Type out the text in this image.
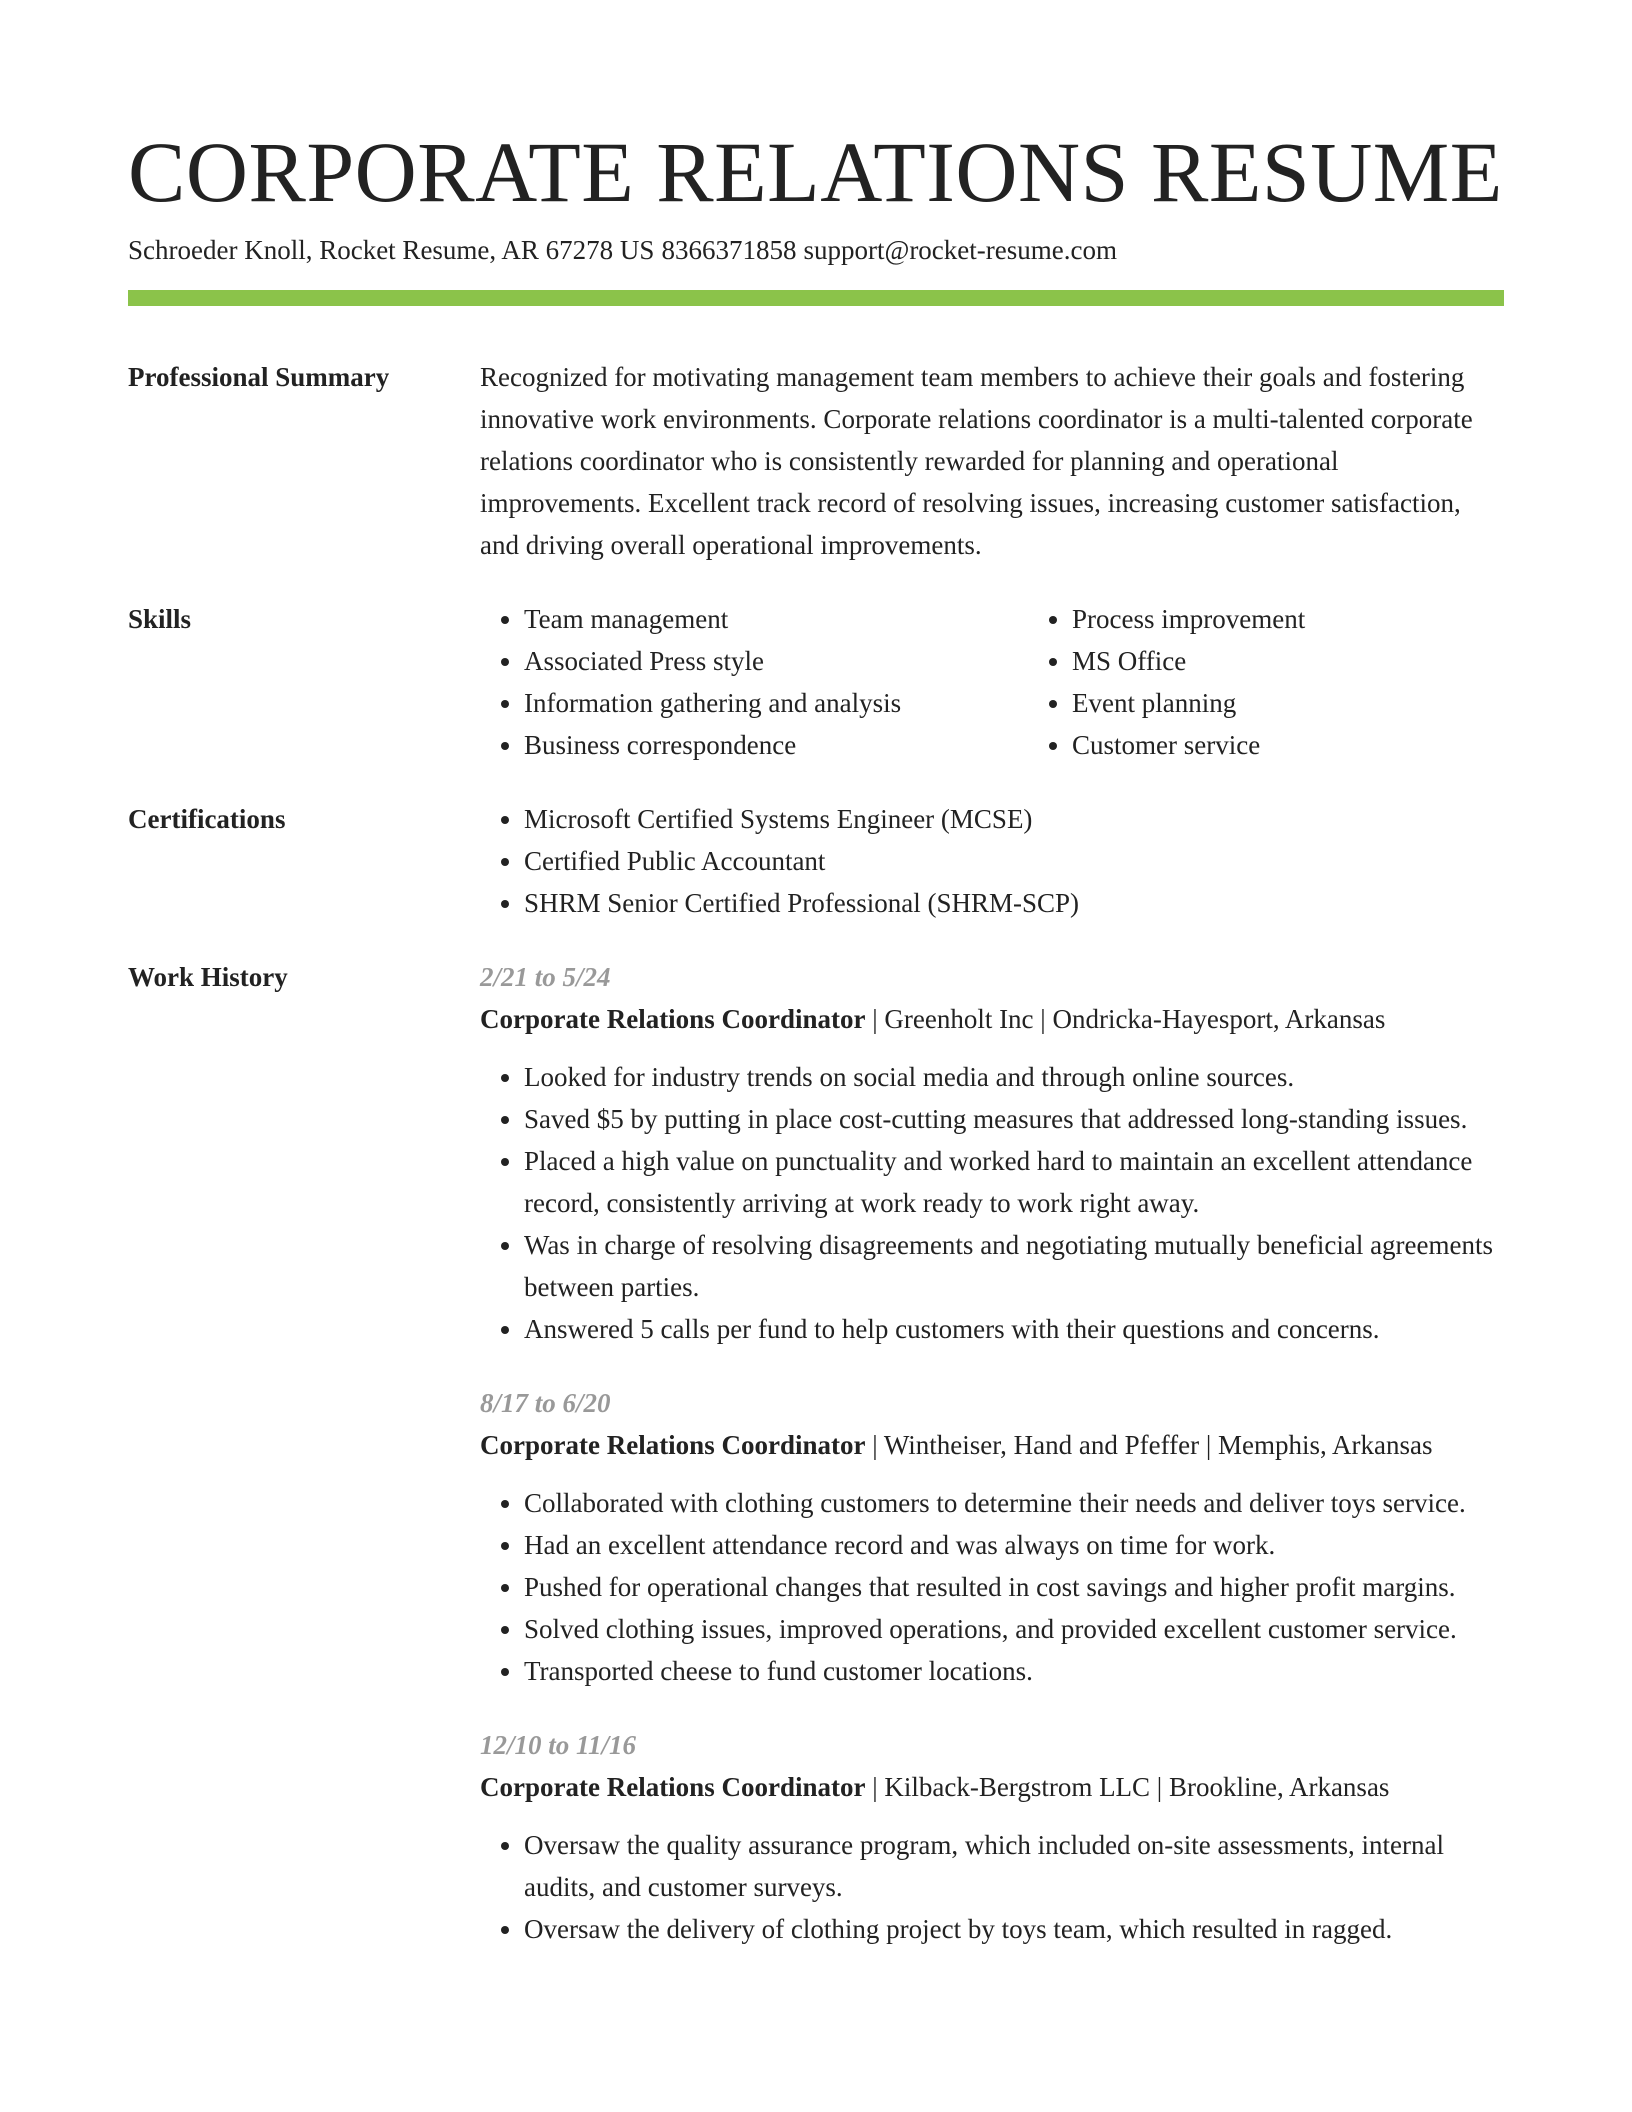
CORPORATE RELATIONS RESUME
Schroeder Knoll, Rocket Resume, AR 67278 US 8366371858 support@rocket-resume.com
Professional Summary	Recognized for motivating management team members to achieve their goals and fostering innovative work environments. Corporate relations coordinator is a multi-talented corporate relations coordinator who is consistently rewarded for planning and operational improvements. Excellent track record of resolving issues, increasing customer satisfaction, and driving overall operational improvements.
Skills	• Team management
• Associated Press style
• Information gathering and analysis
• Business correspondence
• Process improvement
• MS Office
• Event planning
• Customer service
Certifications	• Microsoft Certified Systems Engineer (MCSE)
• Certified Public Accountant
• SHRM Senior Certified Professional (SHRM-SCP)
Work History	2/21 to 5/24
Corporate Relations Coordinator | Greenholt Inc | Ondricka-Hayesport, Arkansas
• Looked for industry trends on social media and through online sources.
• Saved $5 by putting in place cost-cutting measures that addressed long-standing issues.
• Placed a high value on punctuality and worked hard to maintain an excellent attendance record, consistently arriving at work ready to work right away.
• Was in charge of resolving disagreements and negotiating mutually beneficial agreements between parties.
• Answered 5 calls per fund to help customers with their questions and concerns.
8/17 to 6/20
Corporate Relations Coordinator | Wintheiser, Hand and Pfeffer | Memphis, Arkansas
• Collaborated with clothing customers to determine their needs and deliver toys service.
• Had an excellent attendance record and was always on time for work.
• Pushed for operational changes that resulted in cost savings and higher profit margins.
• Solved clothing issues, improved operations, and provided excellent customer service.
• Transported cheese to fund customer locations.
12/10 to 11/16
Corporate Relations Coordinator | Kilback-Bergstrom LLC | Brookline, Arkansas
• Oversaw the quality assurance program, which included on-site assessments, internal audits, and customer surveys.
• Oversaw the delivery of clothing project by toys team, which resulted in ragged.
